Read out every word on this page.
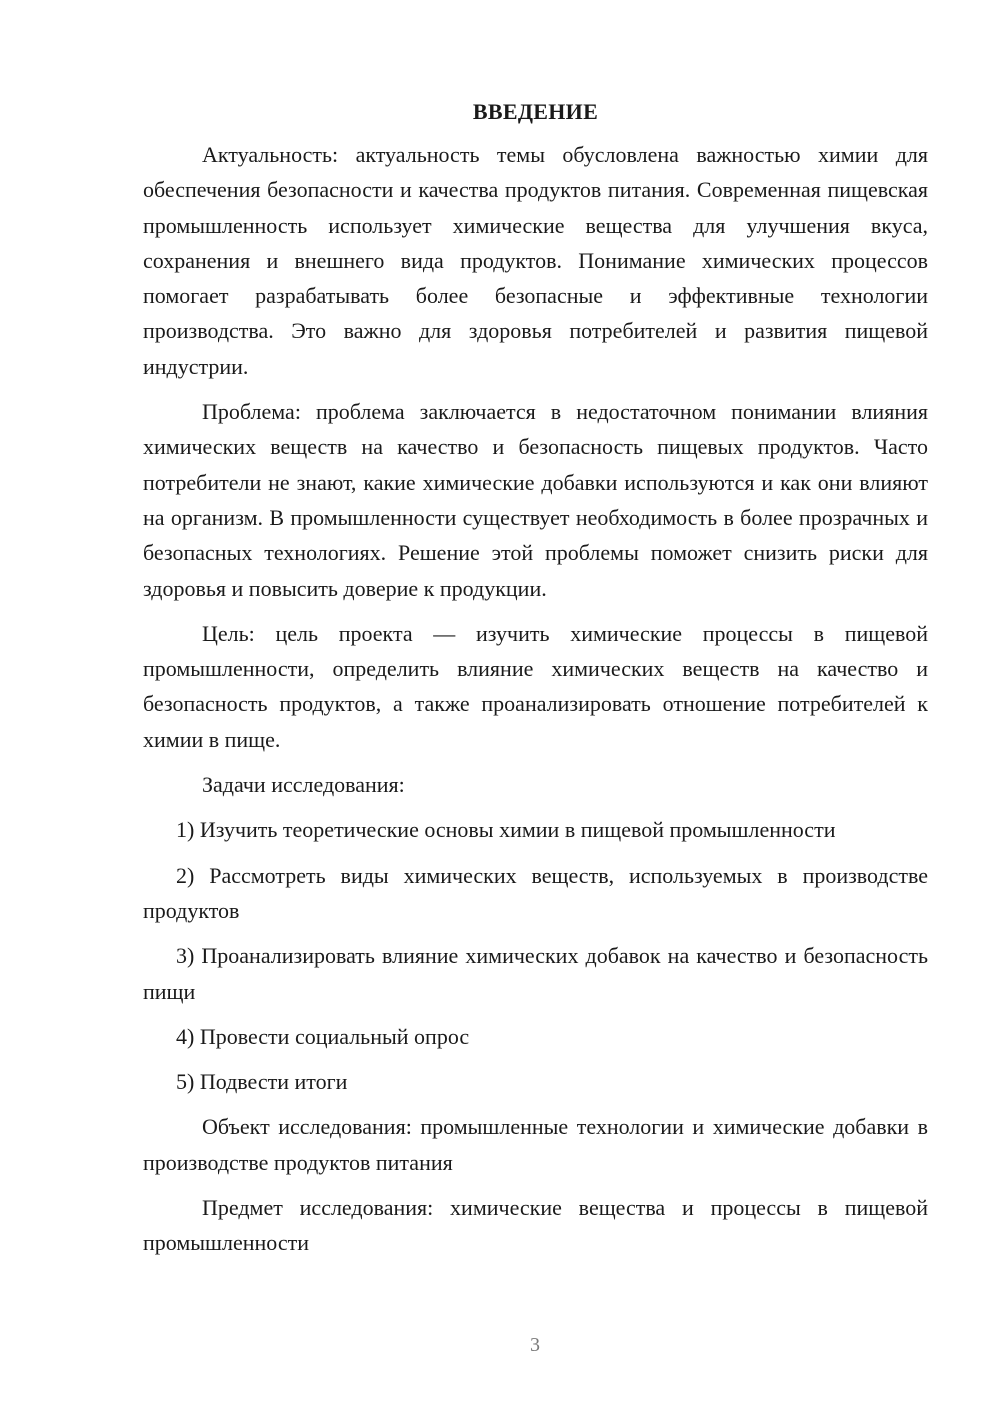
ВВЕДЕНИЕ

Актуальность: актуальность темы обусловлена важностью химии для обеспечения безопасности и качества продуктов питания. Современная пищевская промышленность использует химические вещества для улучшения вкуса, сохранения и внешнего вида продуктов. Понимание химических процессов помогает разрабатывать более безопасные и эффективные технологии производства. Это важно для здоровья потребителей и развития пищевой индустрии.

Проблема: проблема заключается в недостаточном понимании влияния химических веществ на качество и безопасность пищевых продуктов. Часто потребители не знают, какие химические добавки используются и как они влияют на организм. В промышленности существует необходимость в более прозрачных и безопасных технологиях. Решение этой проблемы поможет снизить риски для здоровья и повысить доверие к продукции.

Цель: цель проекта — изучить химические процессы в пищевой промышленности, определить влияние химических веществ на качество и безопасность продуктов, а также проанализировать отношение потребителей к химии в пище.

Задачи исследования:

1) Изучить теоретические основы химии в пищевой промышленности

2) Рассмотреть виды химических веществ, используемых в производстве продуктов

3) Проанализировать влияние химических добавок на качество и безопасность пищи

4) Провести социальный опрос

5) Подвести итоги

Объект исследования: промышленные технологии и химические добавки в производстве продуктов питания

Предмет исследования: химические вещества и процессы в пищевой промышленности

3
